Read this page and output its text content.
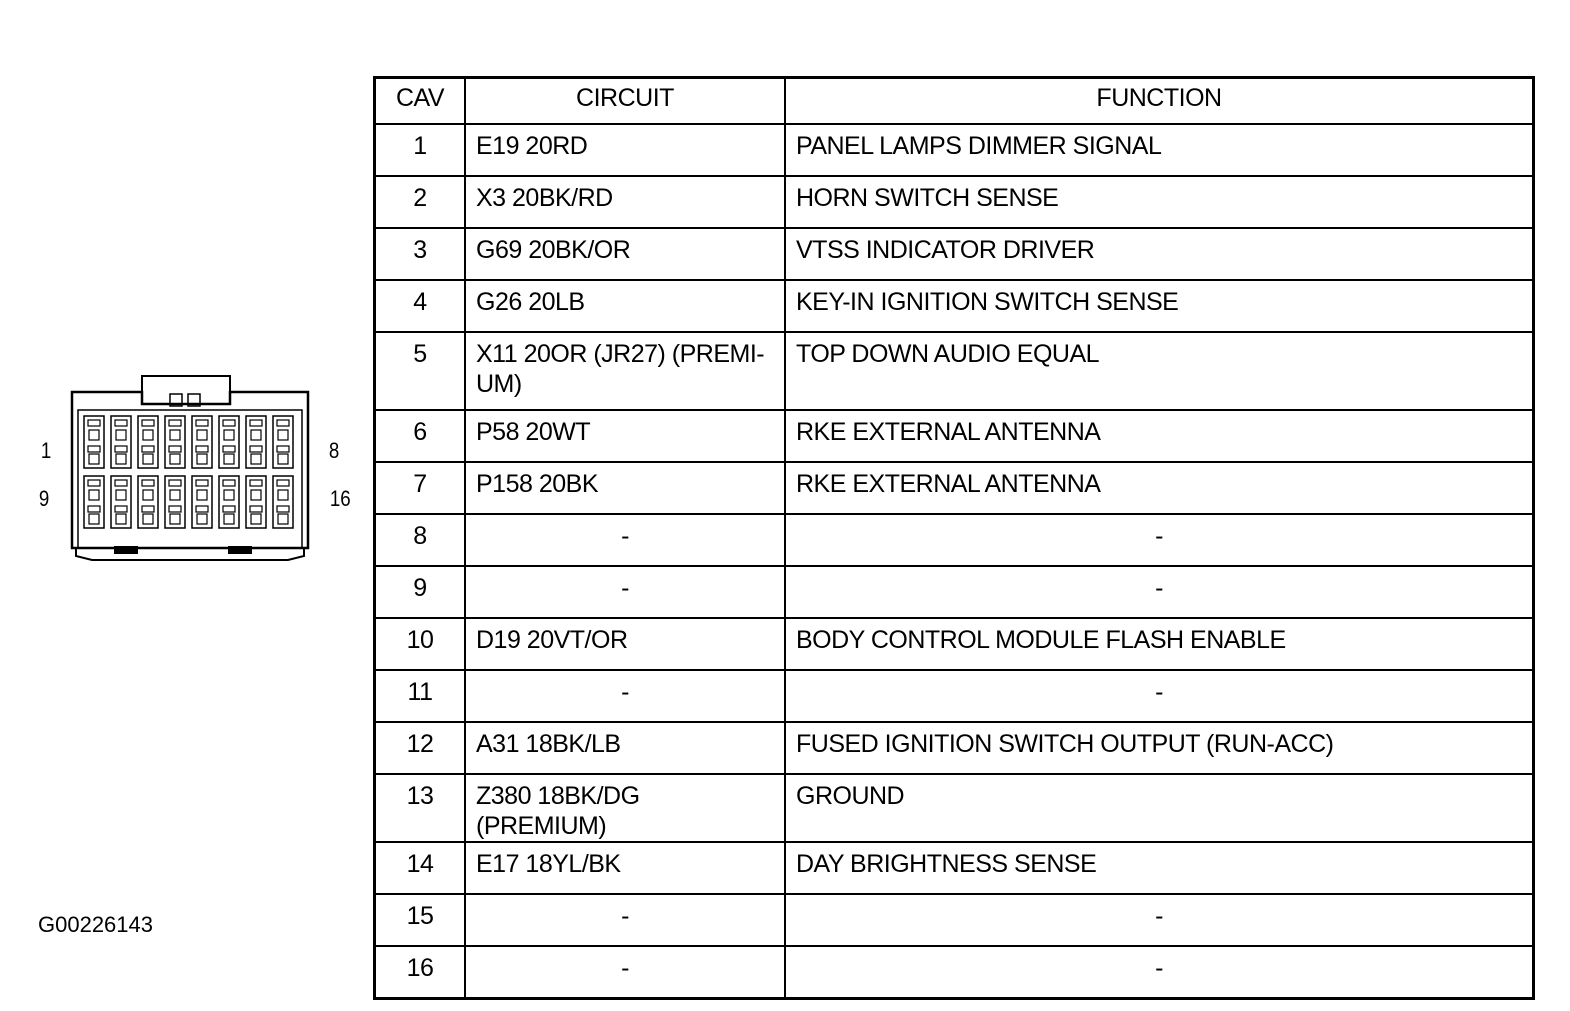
1	8
9	16
CAV	CIRCUIT	FUNCTION
1	E19 20RD	PANEL LAMPS DIMMER SIGNAL
2	X3 20BK/RD	HORN SWITCH SENSE
3	G69 20BK/OR	VTSS INDICATOR DRIVER
4	G26 20LB	KEY-IN IGNITION SWITCH SENSE
5	X11 20OR (JR27) (PREMI-UM)	TOP DOWN AUDIO EQUAL
6	P58 20WT	RKE EXTERNAL ANTENNA
7	P158 20BK	RKE EXTERNAL ANTENNA
8	-	-
9	-	-
10	D19 20VT/OR	BODY CONTROL MODULE FLASH ENABLE
11	-	-
12	A31 18BK/LB	FUSED IGNITION SWITCH OUTPUT (RUN-ACC)
13	Z380 18BK/DG (PREMIUM)	GROUND
14	E17 18YL/BK	DAY BRIGHTNESS SENSE
15	-	-
16	-	-
G00226143
